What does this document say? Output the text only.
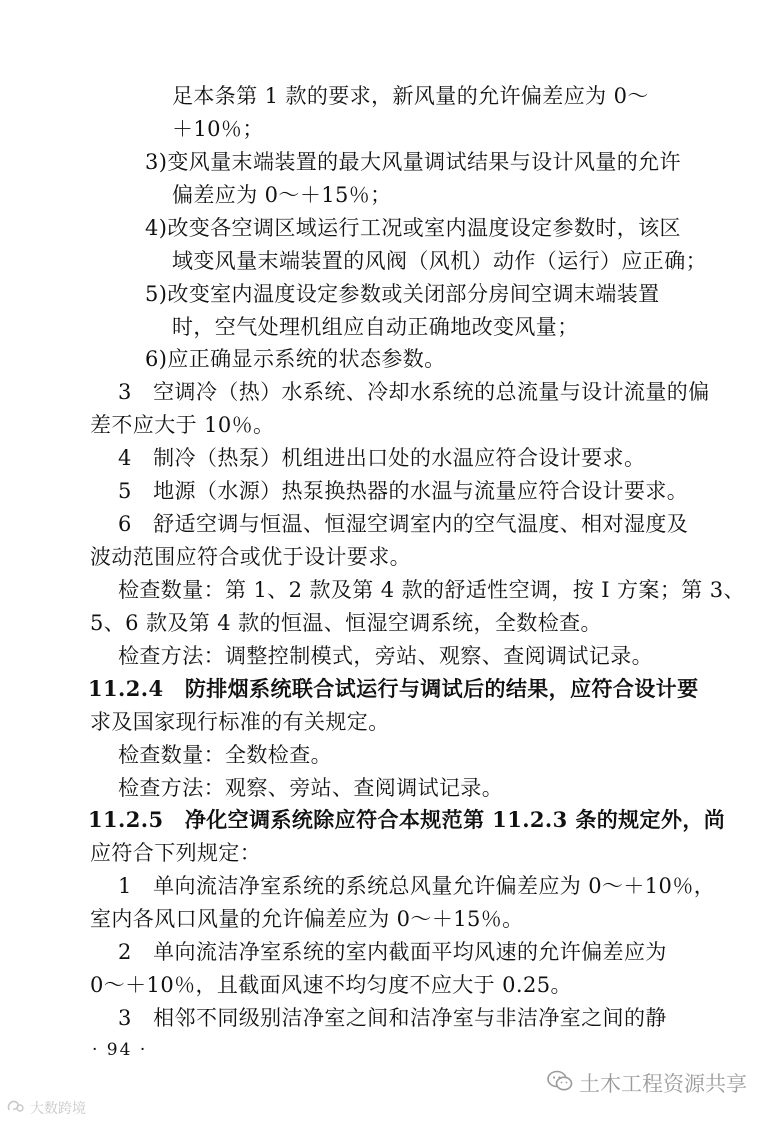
足本条第 1 款的要求，新风量的允许偏差应为 0～
＋10％；
3)变风量末端装置的最大风量调试结果与设计风量的允许
偏差应为 0～＋15％；
4)改变各空调区域运行工况或室内温度设定参数时，该区
域变风量末端装置的风阀（风机）动作（运行）应正确；
5)改变室内温度设定参数或关闭部分房间空调末端装置
时，空气处理机组应自动正确地改变风量；
6)应正确显示系统的状态参数。
3　空调冷（热）水系统、冷却水系统的总流量与设计流量的偏
差不应大于 10％。
4　制冷（热泵）机组进出口处的水温应符合设计要求。
5　地源（水源）热泵换热器的水温与流量应符合设计要求。
6　舒适空调与恒温、恒湿空调室内的空气温度、相对湿度及
波动范围应符合或优于设计要求。
检查数量：第 1、2 款及第 4 款的舒适性空调，按 Ⅰ 方案；第 3、
5、6 款及第 4 款的恒温、恒湿空调系统，全数检查。
检查方法：调整控制模式，旁站、观察、查阅调试记录。
11.2.4　防排烟系统联合试运行与调试后的结果，应符合设计要
求及国家现行标准的有关规定。
检查数量：全数检查。
检查方法：观察、旁站、查阅调试记录。
11.2.5　净化空调系统除应符合本规范第 11.2.3 条的规定外，尚
应符合下列规定：
1　单向流洁净室系统的系统总风量允许偏差应为 0～＋10％，
室内各风口风量的允许偏差应为 0～＋15％。
2　单向流洁净室系统的室内截面平均风速的允许偏差应为
0～＋10％，且截面风速不均匀度不应大于 0.25。
3　相邻不同级别洁净室之间和洁净室与非洁净室之间的静
· 94 ·
土木工程资源共享
大数跨境
